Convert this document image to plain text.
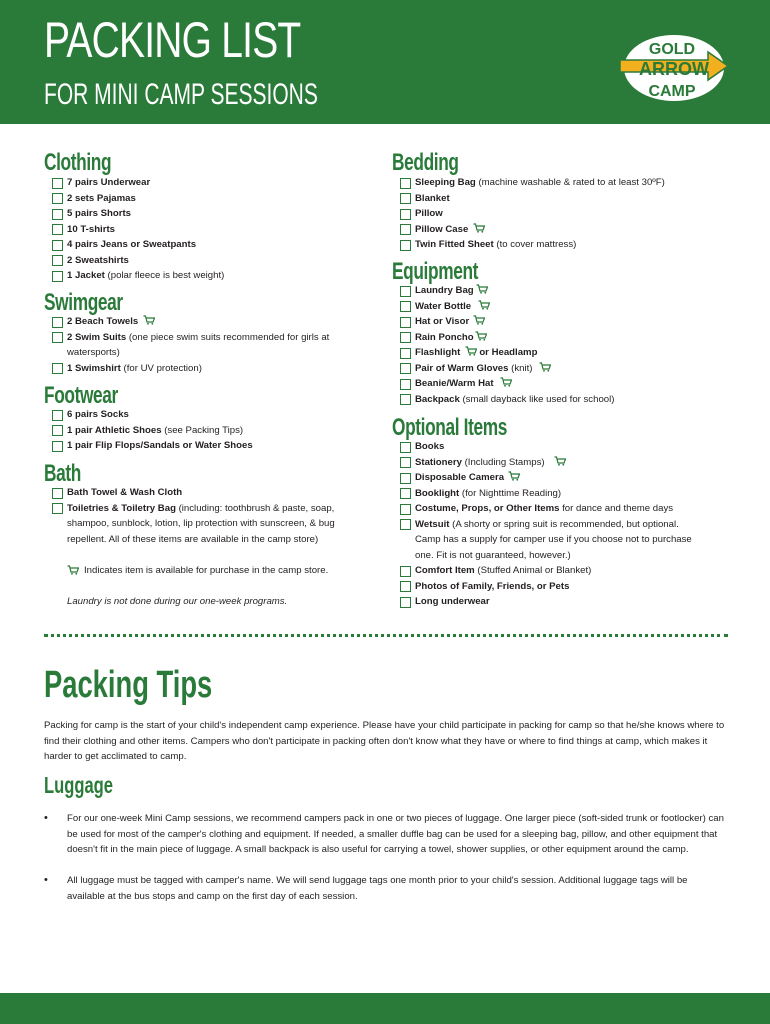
PACKING LIST
FOR MINI CAMP SESSIONS
GOLD
ARROW
CAMP
Indicates item is available for purchase in the camp store.
Laundry is not done during our one-week programs.
Packing Tips
Packing for camp is the start of your child's independent camp experience. Please have your child participate in packing for camp so that he/she knows where to find their clothing and other items. Campers who don't participate in packing often don't know what they have or where to find things at camp, which makes it harder to get acclimated to camp.
Luggage
• For our one-week Mini Camp sessions, we recommend campers pack in one or two pieces of luggage. One larger piece (soft-sided trunk or footlocker) can be used for most of the camper's clothing and equipment. If needed, a smaller duffle bag can be used for a sleeping bag, pillow, and other equipment that doesn't fit in the main piece of luggage. A small backpack is also useful for carrying a towel, shower supplies, or other equipment around the camp.
• All luggage must be tagged with camper's name. We will send luggage tags one month prior to your child's session. Additional luggage tags will be available at the bus stops and camp on the first day of each session.
Clothing
7 pairs Underwear
2 sets Pajamas
5 pairs Shorts
10 T-shirts
4 pairs Jeans or Sweatpants
2 Sweatshirts
1 Jacket (polar fleece is best weight)
Swimgear
2 Beach Towels
2 Swim Suits (one piece swim suits recommended for girls at
watersports)
1 Swimshirt (for UV protection)
Footwear
6 pairs Socks
1 pair Athletic Shoes (see Packing Tips)
1 pair Flip Flops/Sandals or Water Shoes
Bath
Bath Towel & Wash Cloth
Toiletries & Toiletry Bag (including: toothbrush & paste, soap,
shampoo, sunblock, lotion, lip protection with sunscreen, & bug
repellent. All of these items are available in the camp store)
Bedding
Sleeping Bag (machine washable & rated to at least 30ºF)
Blanket
Pillow
Pillow Case
Twin Fitted Sheet (to cover mattress)
Equipment
Laundry Bag
Water Bottle
Hat or Visor
Rain Poncho
Flashlight or Headlamp
Pair of Warm Gloves (knit)
Beanie/Warm Hat
Backpack (small dayback like used for school)
Optional Items
Books
Stationery (Including Stamps)
Disposable Camera
Booklight (for Nighttime Reading)
Costume, Props, or Other Items for dance and theme days
Wetsuit (A shorty or spring suit is recommended, but optional.
Camp has a supply for camper use if you choose not to purchase
one. Fit is not guaranteed, however.)
Comfort Item (Stuffed Animal or Blanket)
Photos of Family, Friends, or Pets
Long underwear
